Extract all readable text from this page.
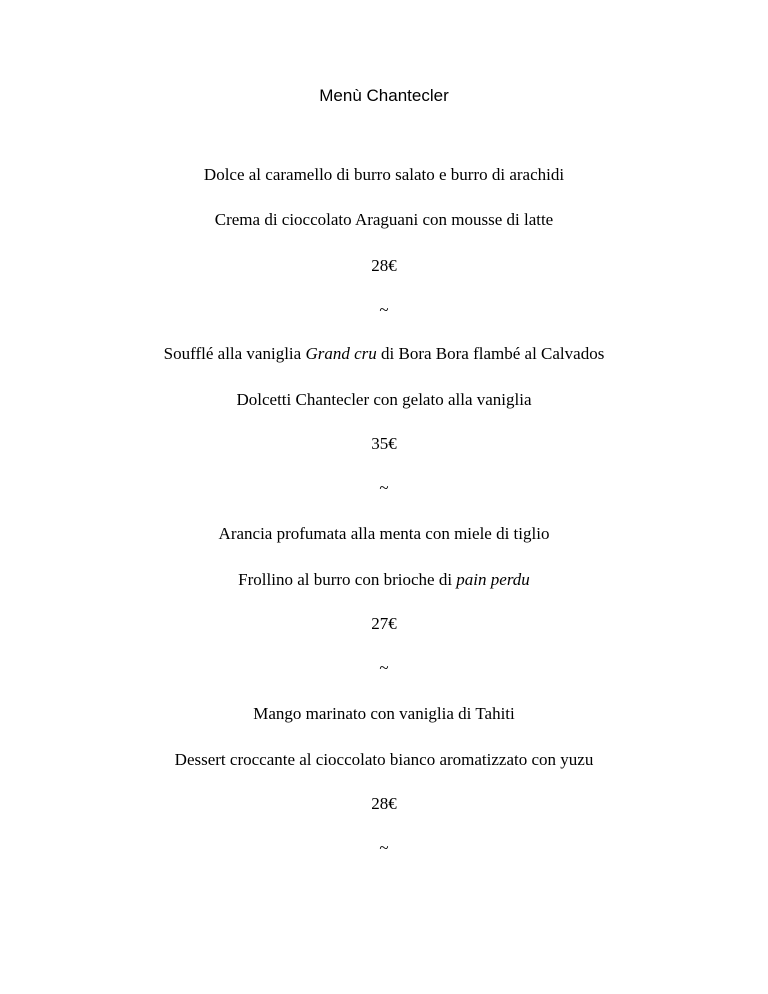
Menù Chantecler
Dolce al caramello di burro salato e burro di arachidi
Crema di cioccolato Araguani con mousse di latte
28€
~
Soufflé alla vaniglia Grand cru di Bora Bora flambé al Calvados
Dolcetti Chantecler con gelato alla vaniglia
35€
~
Arancia profumata alla menta con miele di tiglio
Frollino al burro con brioche di pain perdu
27€
~
Mango marinato con vaniglia di Tahiti
Dessert croccante al cioccolato bianco aromatizzato con yuzu
28€
~
